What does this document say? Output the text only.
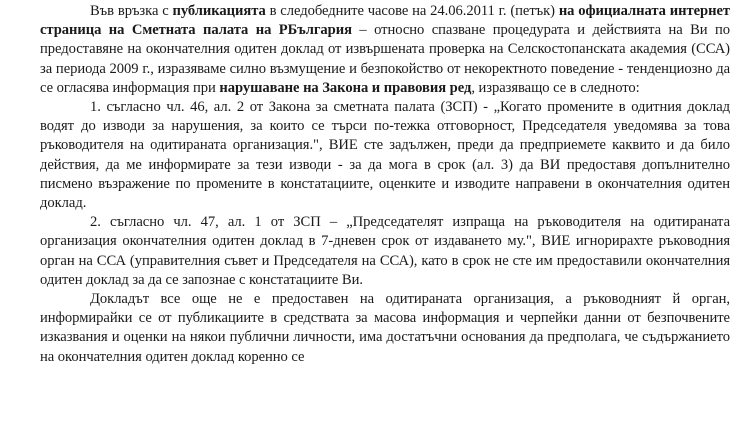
Във връзка с публикацията в следобедните часове на 24.06.2011 г. (петък) на официалната интернет страница на Сметната палата на РБългария – относно спазване процедурата и действията на Ви по предоставяне на окончателния одитен доклад от извършената проверка на Селскостопанската академия (ССА) за периода 2009 г., изразяваме силно възмущение и безпокойство от некоректното поведение - тенденциозно да се огласява информация при нарушаване на Закона и правовия ред, изразяващо се в следното:

1. съгласно чл. 46, ал. 2 от Закона за сметната палата (ЗСП) - „Когато промените в одитния доклад водят до изводи за нарушения, за които се търси по-тежка отговорност, Председателя уведомява за това ръководителя на одитираната организация.", ВИЕ сте задължен, преди да предприемете каквито и да било действия, да ме информирате за тези изводи - за да мога в срок (ал. 3) да ВИ предоставя допълнително писмено възражение по промените в констатациите, оценките и изводите направени в окончателния одитен доклад.

2. съгласно чл. 47, ал. 1 от ЗСП – „Председателят изпраща на ръководителя на одитираната организация окончателния одитен доклад в 7-дневен срок от издаването му.", ВИЕ игнорирахте ръководния орган на ССА (управителния съвет и Председателя на ССА), като в срок не сте им предоставили окончателния одитен доклад за да се запознае с констатациите Ви.

Докладът все още не е предоставен на одитираната организация, а ръководният й орган, информирайки се от публикациите в средствата за масова информация и черпейки данни от безпочвените изказвания и оценки на някои публични личности, има достатъчни основания да предполага, че съдържанието на окончателния одитен доклад коренно се
